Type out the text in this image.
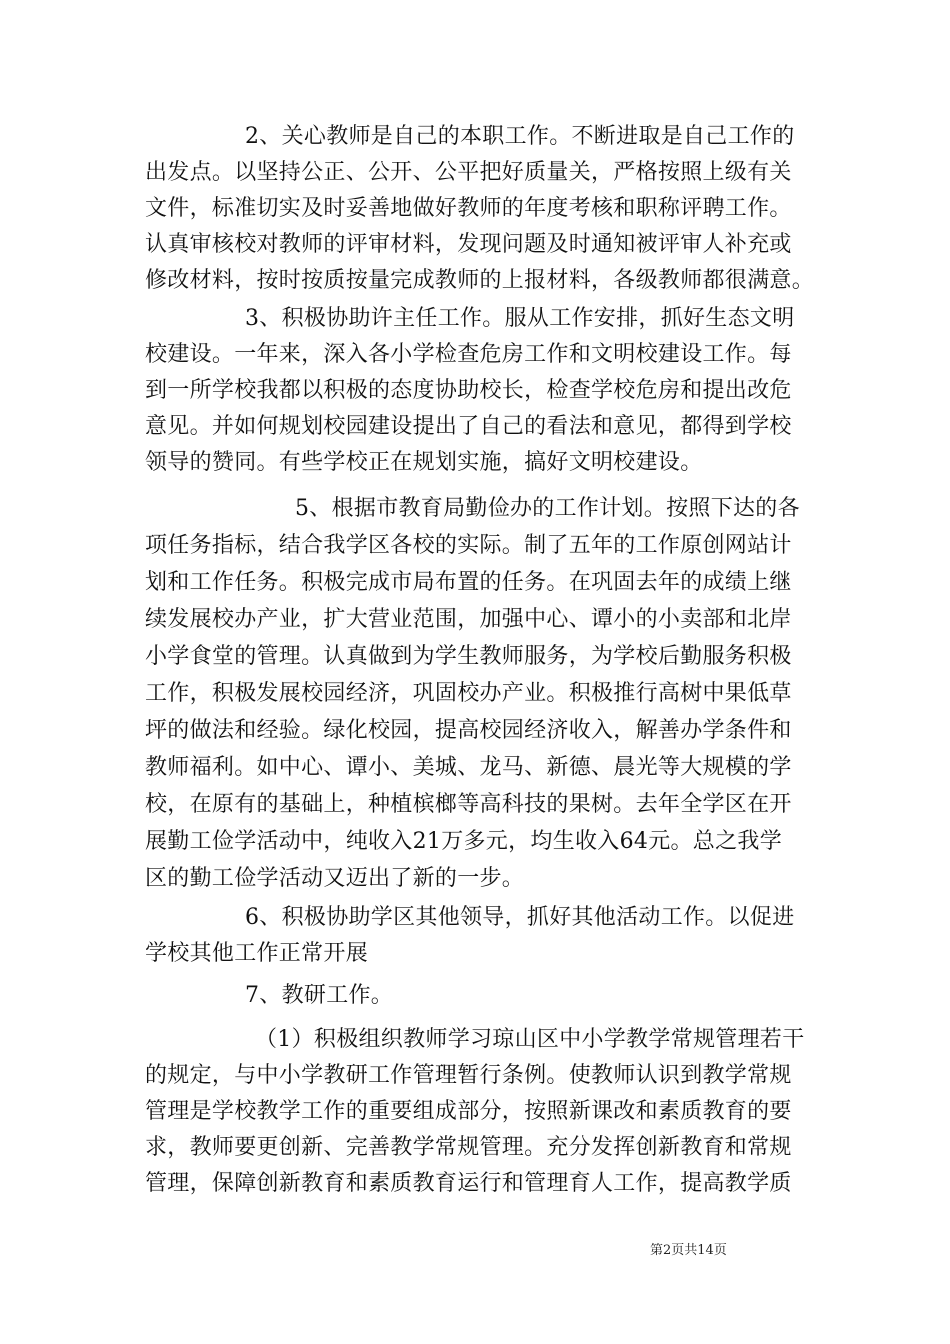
2、关心教师是自己的本职工作。不断进取是自己工作的
出发点。以坚持公正、公开、公平把好质量关，严格按照上级有关
文件，标准切实及时妥善地做好教师的年度考核和职称评聘工作。
认真审核校对教师的评审材料，发现问题及时通知被评审人补充或
修改材料，按时按质按量完成教师的上报材料，各级教师都很满意。
3、积极协助许主任工作。服从工作安排，抓好生态文明
校建设。一年来，深入各小学检查危房工作和文明校建设工作。每
到一所学校我都以积极的态度协助校长，检查学校危房和提出改危
意见。并如何规划校园建设提出了自己的看法和意见，都得到学校
领导的赞同。有些学校正在规划实施，搞好文明校建设。
5、根据市教育局勤俭办的工作计划。按照下达的各
项任务指标，结合我学区各校的实际。制了五年的工作原创网站计
划和工作任务。积极完成市局布置的任务。在巩固去年的成绩上继
续发展校办产业，扩大营业范围，加强中心、谭小的小卖部和北岸
小学食堂的管理。认真做到为学生教师服务，为学校后勤服务积极
工作，积极发展校园经济，巩固校办产业。积极推行高树中果低草
坪的做法和经验。绿化校园，提高校园经济收入，解善办学条件和
教师福利。如中心、谭小、美城、龙马、新德、晨光等大规模的学
校，在原有的基础上，种植槟榔等高科技的果树。去年全学区在开
展勤工俭学活动中，纯收入21万多元，均生收入64元。总之我学
区的勤工俭学活动又迈出了新的一步。
6、积极协助学区其他领导，抓好其他活动工作。以促进
学校其他工作正常开展
7、教研工作。
（1）积极组织教师学习琼山区中小学教学常规管理若干
的规定，与中小学教研工作管理暂行条例。使教师认识到教学常规
管理是学校教学工作的重要组成部分，按照新课改和素质教育的要
求，教师要更创新、完善教学常规管理。充分发挥创新教育和常规
管理，保障创新教育和素质教育运行和管理育人工作，提高教学质
第2页共14页
